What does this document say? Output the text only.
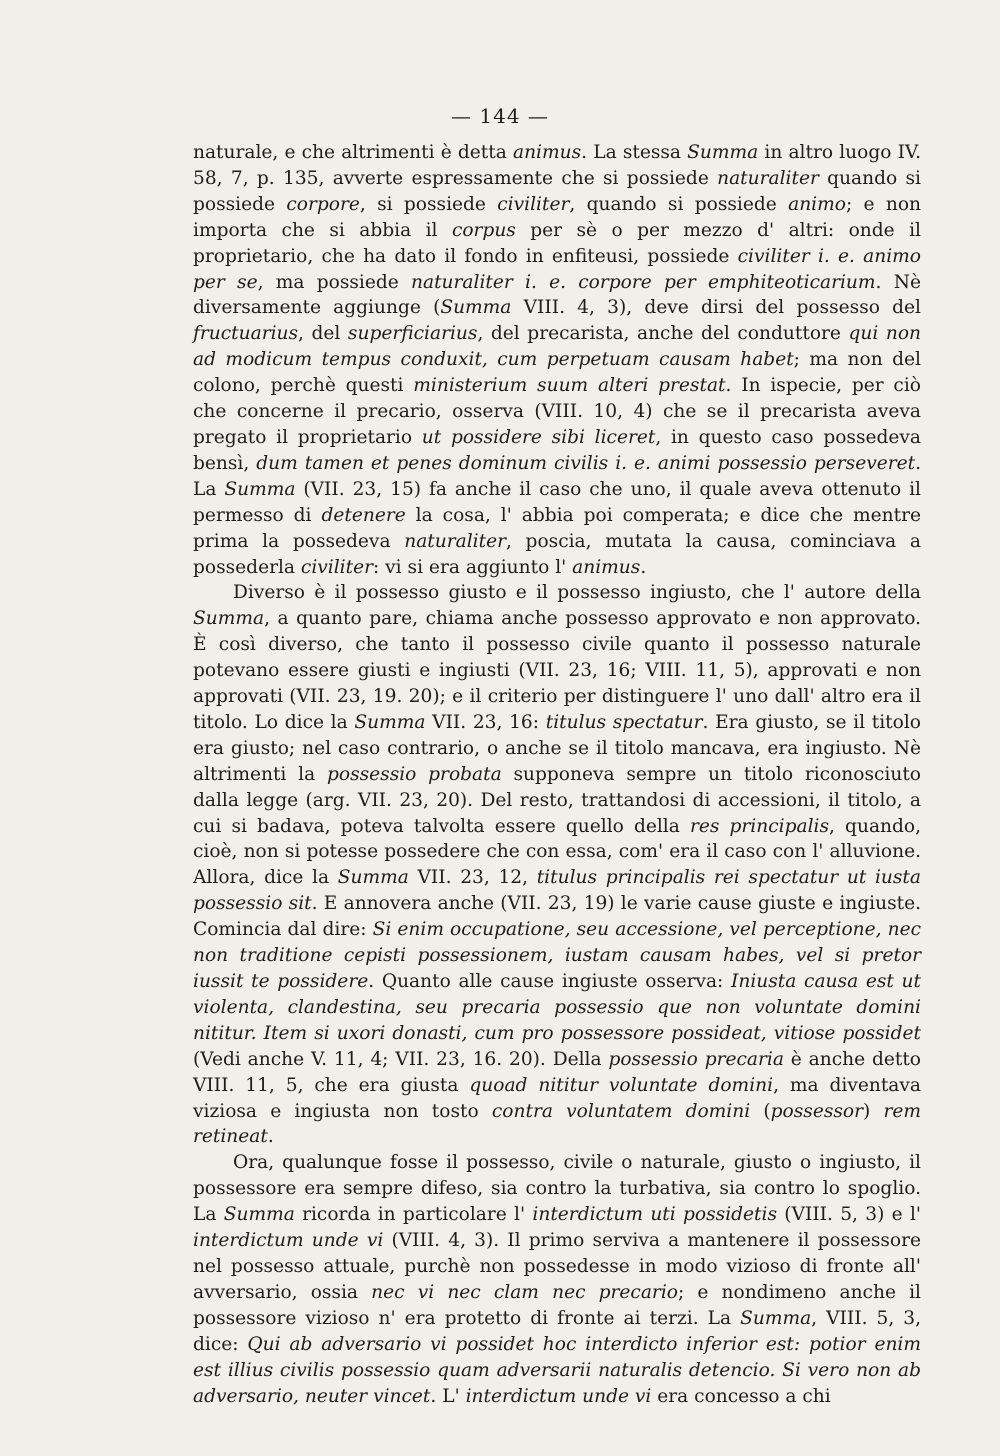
— 144 —

naturale, e che altrimenti è detta animus. La stessa Summa in altro luogo IV. 58, 7, p. 135, avverte espressamente che si possiede naturaliter quando si possiede corpore, si possiede civiliter, quando si possiede animo; e non importa che si abbia il corpus per sè o per mezzo d' altri: onde il proprietario, che ha dato il fondo in enfiteusi, possiede civiliter i. e. animo per se, ma possiede naturaliter i. e. corpore per emphiteoticarium. Nè diversamente aggiunge (Summa VIII. 4, 3), deve dirsi del possesso del fructuarius, del superficiarius, del precarista, anche del conduttore qui non ad modicum tempus conduxit, cum perpetuam causam habet; ma non del colono, perchè questi ministerium suum alteri prestat. In ispecie, per ciò che concerne il precario, osserva (VIII. 10, 4) che se il precarista aveva pregato il proprietario ut possidere sibi liceret, in questo caso possedeva bensì, dum tamen et penes dominum civilis i. e. animi possessio perseveret. La Summa (VII. 23, 15) fa anche il caso che uno, il quale aveva ottenuto il permesso di detenere la cosa, l' abbia poi comperata; e dice che mentre prima la possedeva naturaliter, poscia, mutata la causa, cominciava a possederla civiliter: vi si era aggiunto l' animus.

Diverso è il possesso giusto e il possesso ingiusto, che l' autore della Summa, a quanto pare, chiama anche possesso approvato e non approvato. È così diverso, che tanto il possesso civile quanto il possesso naturale potevano essere giusti e ingiusti (VII. 23, 16; VIII. 11, 5), approvati e non approvati (VII. 23, 19. 20); e il criterio per distinguere l' uno dall' altro era il titolo. Lo dice la Summa VII. 23, 16: titulus spectatur. Era giusto, se il titolo era giusto; nel caso contrario, o anche se il titolo mancava, era ingiusto. Nè altrimenti la possessio probata supponeva sempre un titolo riconosciuto dalla legge (arg. VII. 23, 20). Del resto, trattandosi di accessioni, il titolo, a cui si badava, poteva talvolta essere quello della res principalis, quando, cioè, non si potesse possedere che con essa, com' era il caso con l' alluvione. Allora, dice la Summa VII. 23, 12, titulus principalis rei spectatur ut iusta possessio sit. E annovera anche (VII. 23, 19) le varie cause giuste e ingiuste. Comincia dal dire: Si enim occupatione, seu accessione, vel perceptione, nec non traditione cepisti possessionem, iustam causam habes, vel si pretor iussit te possidere. Quanto alle cause ingiuste osserva: Iniusta causa est ut violenta, clandestina, seu precaria possessio que non voluntate domini nititur. Item si uxori donasti, cum pro possessore possideat, vitiose possidet (Vedi anche V. 11, 4; VII. 23, 16. 20). Della possessio precaria è anche detto VIII. 11, 5, che era giusta quoad nititur voluntate domini, ma diventava viziosa e ingiusta non tosto contra voluntatem domini (possessor) rem retineat.

Ora, qualunque fosse il possesso, civile o naturale, giusto o ingiusto, il possessore era sempre difeso, sia contro la turbativa, sia contro lo spoglio. La Summa ricorda in particolare l' interdictum uti possidetis (VIII. 5, 3) e l' interdictum unde vi (VIII. 4, 3). Il primo serviva a mantenere il possessore nel possesso attuale, purchè non possedesse in modo vizioso di fronte all' avversario, ossia nec vi nec clam nec precario; e nondimeno anche il possessore vizioso n' era protetto di fronte ai terzi. La Summa, VIII. 5, 3, dice: Qui ab adversario vi possidet hoc interdicto inferior est: potior enim est illius civilis possessio quam adversarii naturalis detencio. Si vero non ab adversario, neuter vincet. L' interdictum unde vi era concesso a chi
